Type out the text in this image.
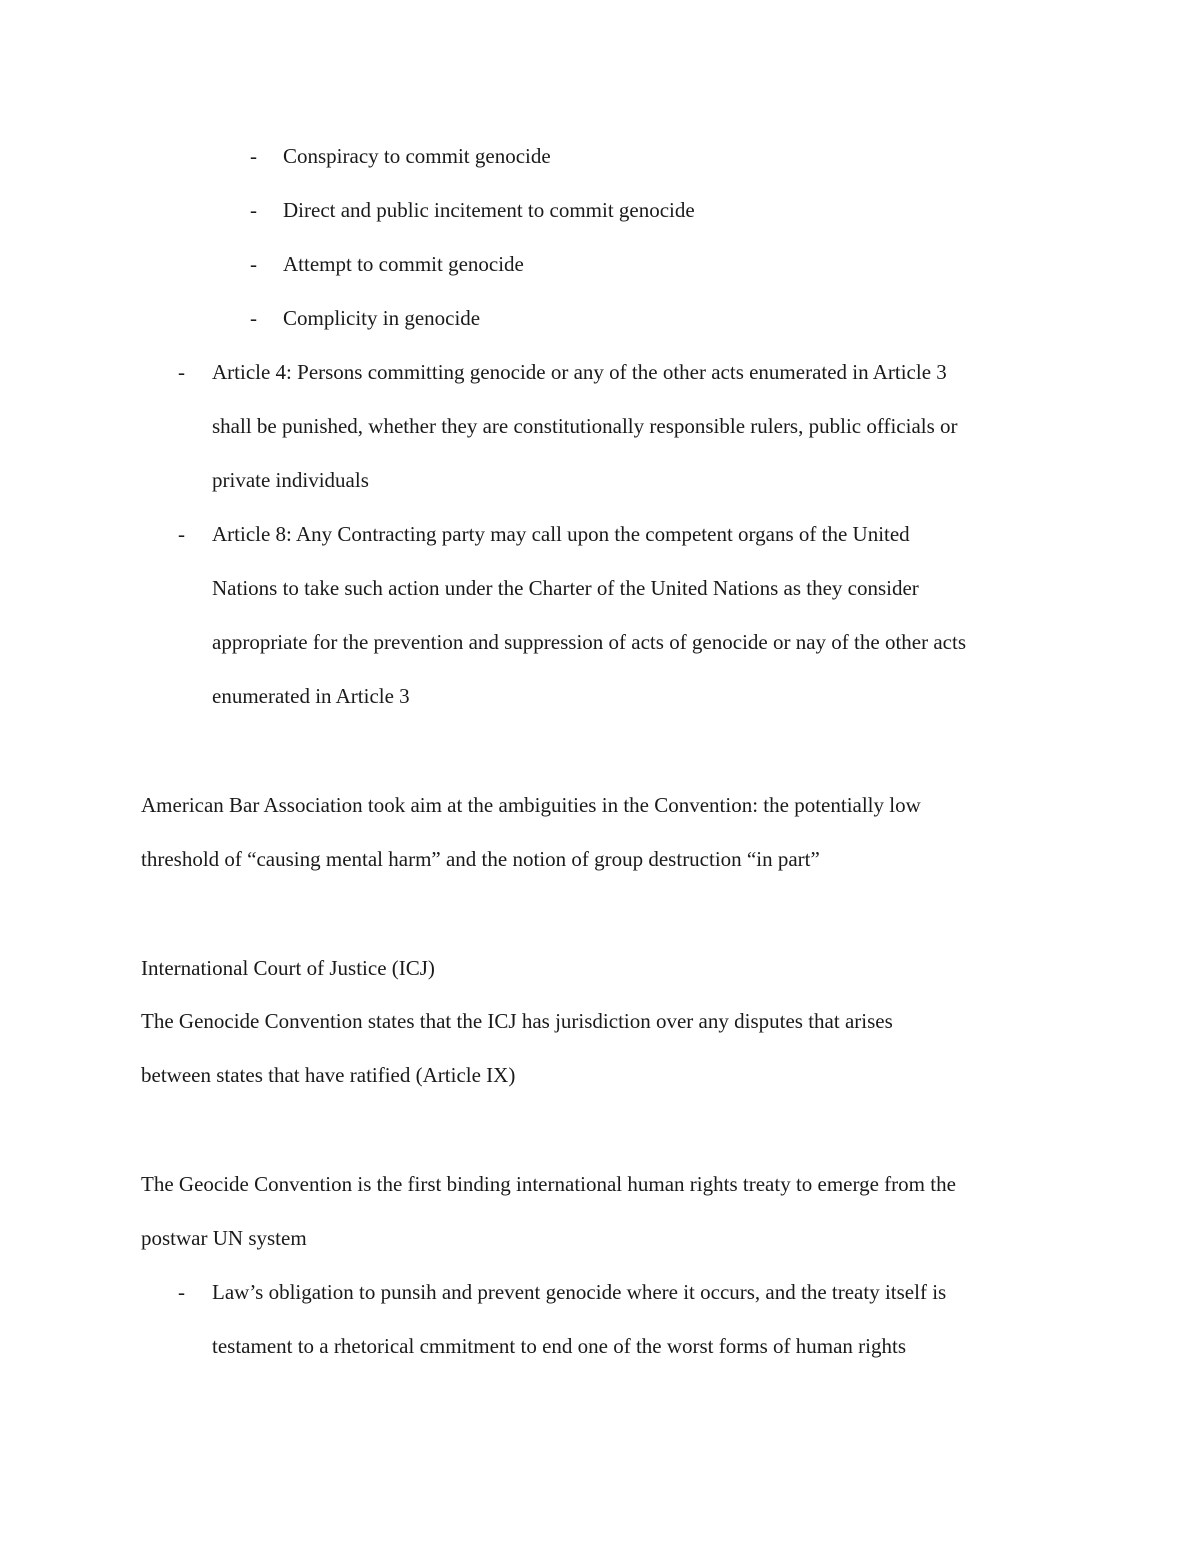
- Conspiracy to commit genocide
- Direct and public incitement to commit genocide
- Attempt to commit genocide
- Complicity in genocide
- Article 4: Persons committing genocide or any of the other acts enumerated in Article 3
shall be punished, whether they are constitutionally responsible rulers, public officials or
private individuals
- Article 8: Any Contracting party may call upon the competent organs of the United
Nations to take such action under the Charter of the United Nations as they consider
appropriate for the prevention and suppression of acts of genocide or nay of the other acts
enumerated in Article 3
American Bar Association took aim at the ambiguities in the Convention: the potentially low
threshold of “causing mental harm” and the notion of group destruction “in part”
International Court of Justice (ICJ)
The Genocide Convention states that the ICJ has jurisdiction over any disputes that arises
between states that have ratified (Article IX)
The Geocide Convention is the first binding international human rights treaty to emerge from the
postwar UN system
- Law’s obligation to punsih and prevent genocide where it occurs, and the treaty itself is
testament to a rhetorical cmmitment to end one of the worst forms of human rights
